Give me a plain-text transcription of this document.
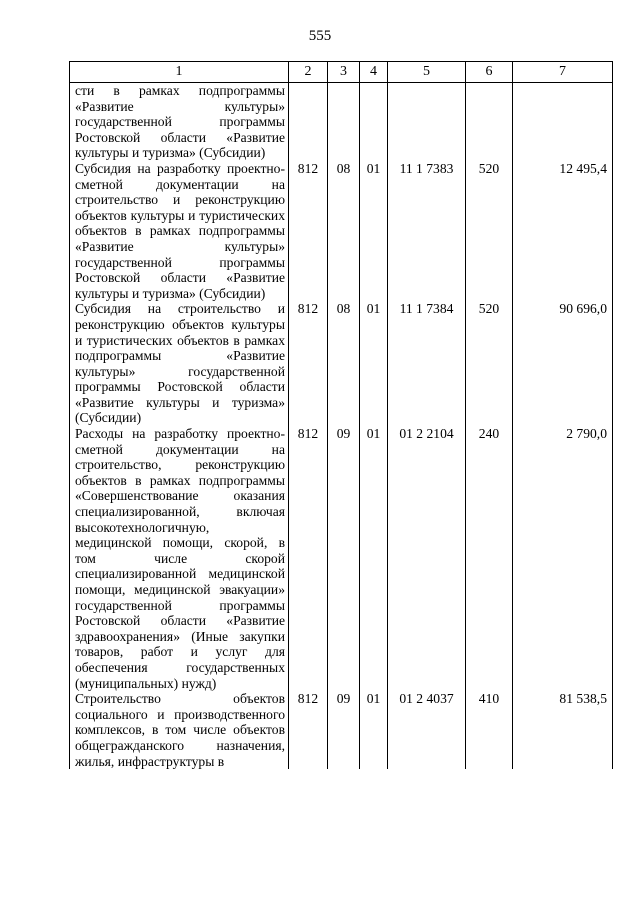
555
1	2	3	4	5	6	7
сти в рамках подпрограммы «Развитие культуры» государственной программы Ростовской области «Развитие культуры и туризма» (Субсидии)						
Субсидия на разработку проектно-сметной документации на строительство и реконструкцию объектов культуры и туристических объектов в рамках подпрограммы «Развитие культуры» государственной программы Ростовской области «Развитие культуры и туризма» (Субсидии)	812	08	01	11 1 7383	520	12 495,4
Субсидия на строительство и реконструкцию объектов культуры и туристических объектов в рамках подпрограммы «Развитие культуры» государственной программы Ростовской области «Развитие культуры и туризма» (Субсидии)	812	08	01	11 1 7384	520	90 696,0
Расходы на разработку проектно-сметной документации на строительство, реконструкцию объектов в рамках подпрограммы «Совершенствование оказания специализированной, включая высокотехнологичную, медицинской помощи, скорой, в том числе скорой специализированной медицинской помощи, медицинской эвакуации» государственной программы Ростовской области «Развитие здравоохранения» (Иные закупки товаров, работ и услуг для обеспечения государственных (муниципальных) нужд)	812	09	01	01 2 2104	240	2 790,0
Строительство объектов социального и производственного комплексов, в том числе объектов общегражданского назначения, жилья, инфраструктуры в	812	09	01	01 2 4037	410	81 538,5
